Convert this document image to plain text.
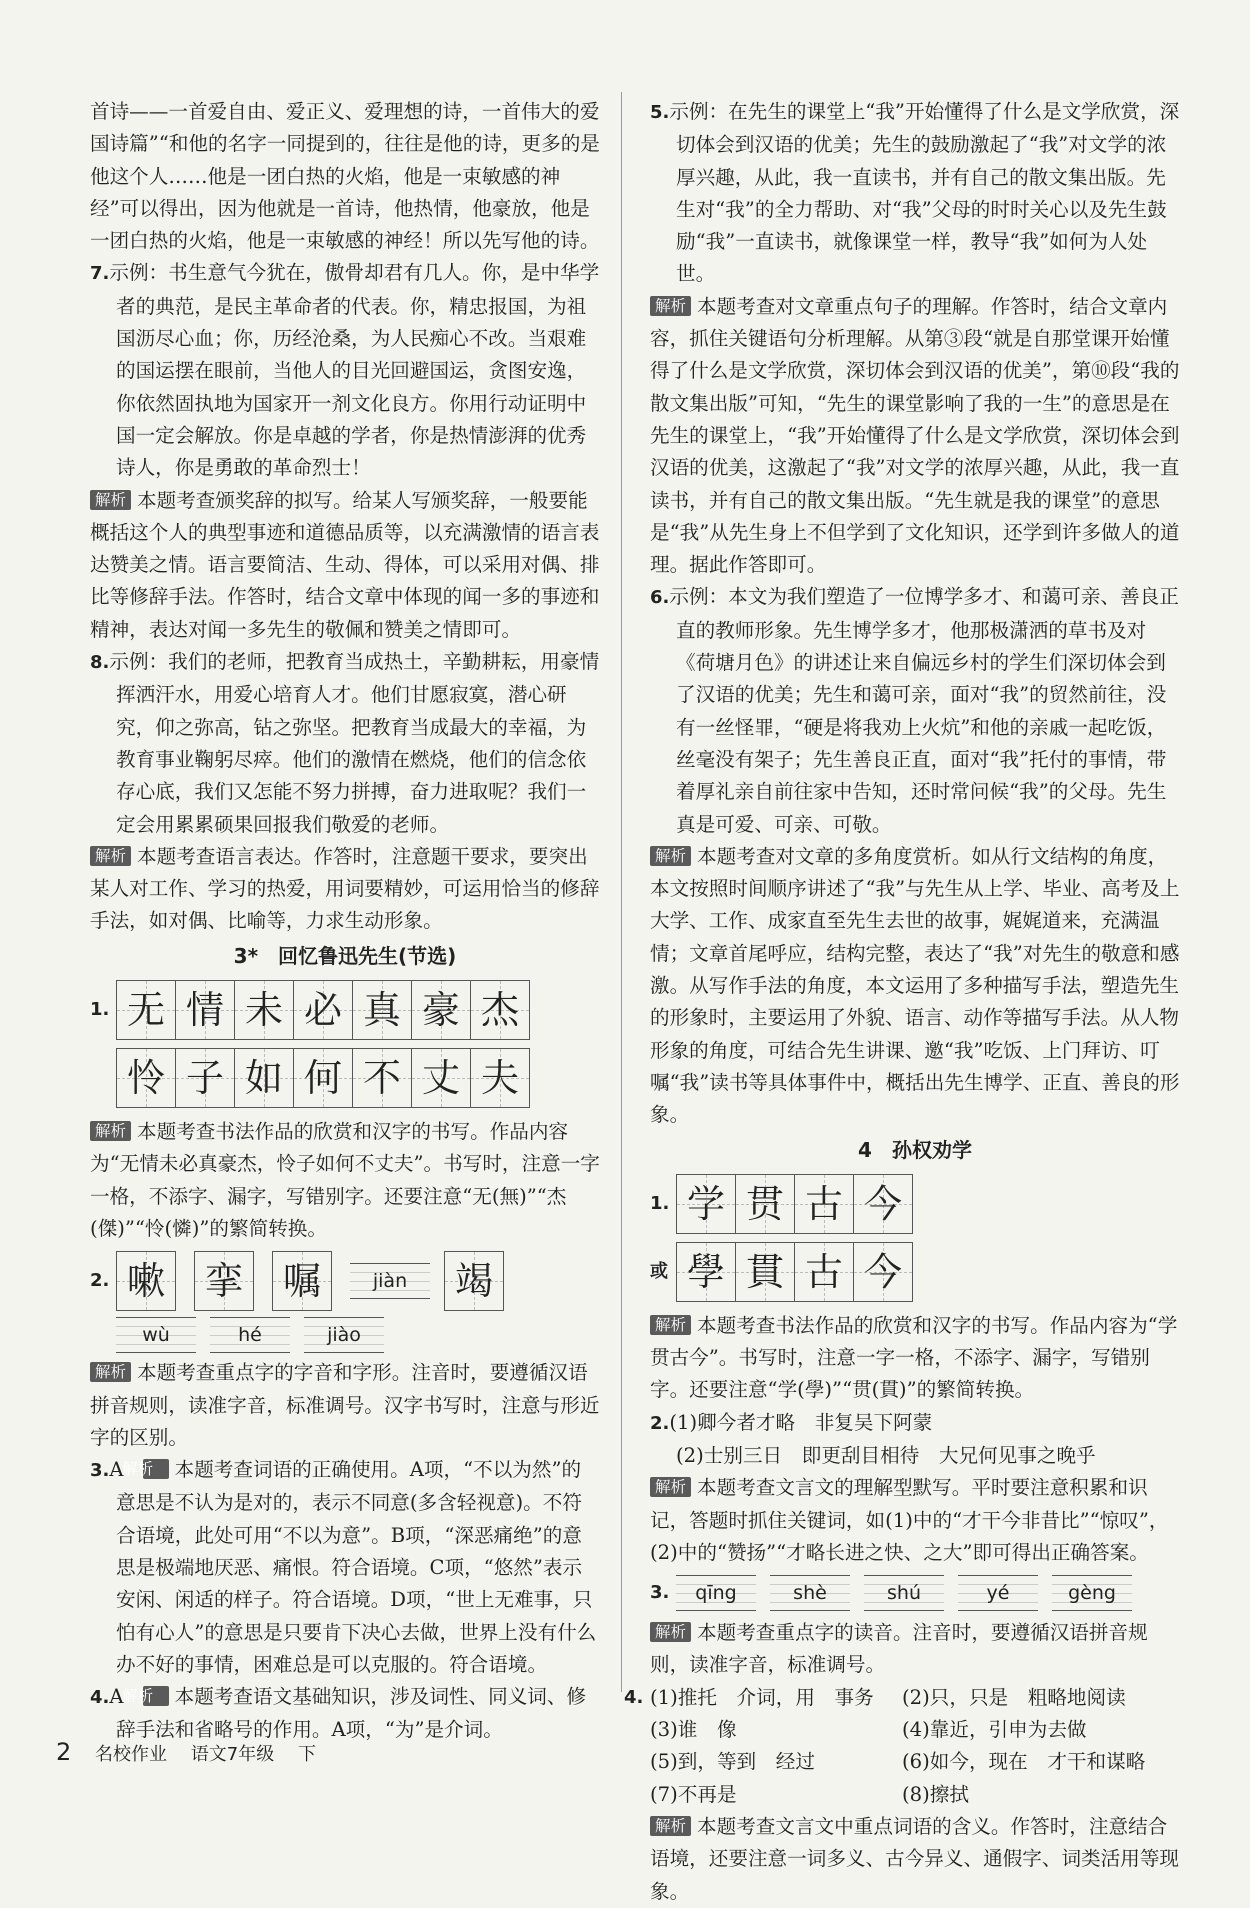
首诗——一首爱自由、爱正义、爱理想的诗，一首伟大的爱国诗篇”“和他的名字一同提到的，往往是他的诗，更多的是他这个人……他是一团白热的火焰，他是一束敏感的神经”可以得出，因为他就是一首诗，他热情，他豪放，他是一团白热的火焰，他是一束敏感的神经！所以先写他的诗。

7.示例：书生意气今犹在，傲骨却君有几人。你，是中华学者的典范，是民主革命者的代表。你，精忠报国，为祖国沥尽心血；你，历经沧桑，为人民痴心不改。当艰难的国运摆在眼前，当他人的目光回避国运，贪图安逸，你依然固执地为国家开一剂文化良方。你用行动证明中国一定会解放。你是卓越的学者，你是热情澎湃的优秀诗人，你是勇敢的革命烈士！

解析 本题考查颁奖辞的拟写。给某人写颁奖辞，一般要能概括这个人的典型事迹和道德品质等，以充满激情的语言表达赞美之情。语言要简洁、生动、得体，可以采用对偶、排比等修辞手法。作答时，结合文章中体现的闻一多的事迹和精神，表达对闻一多先生的敬佩和赞美之情即可。

8.示例：我们的老师，把教育当成热土，辛勤耕耘，用豪情挥洒汗水，用爱心培育人才。他们甘愿寂寞，潜心研究，仰之弥高，钻之弥坚。把教育当成最大的幸福，为教育事业鞠躬尽瘁。他们的激情在燃烧，他们的信念依存心底，我们又怎能不努力拼搏，奋力进取呢？我们一定会用累累硕果回报我们敬爱的老师。

解析 本题考查语言表达。作答时，注意题干要求，要突出某人对工作、学习的热爱，用词要精妙，可运用恰当的修辞手法，如对偶、比喻等，力求生动形象。

3*　回忆鲁迅先生(节选)
1. 无 情 未 必 真 豪 杰
怜 子 如 何 不 丈 夫

解析 本题考查书法作品的欣赏和汉字的书写。作品内容为“无情未必真豪杰，怜子如何不丈夫”。书写时，注意一字一格，不添字、漏字，写错别字。还要注意“无(無)”“杰(傑)”“怜(憐)”的繁简转换。

2. 嗽 挛 嘱	jiàn	竭
wù	hé	jiào

解析 本题考查重点字的字音和字形。注音时，要遵循汉语拼音规则，读准字音，标准调号。汉字书写时，注意与形近字的区别。

3.A　解析 本题考查词语的正确使用。A项，“不以为然”的意思是不认为是对的，表示不同意(多含轻视意)。不符合语境，此处可用“不以为意”。B项，“深恶痛绝”的意思是极端地厌恶、痛恨。符合语境。C项，“悠然”表示安闲、闲适的样子。符合语境。D项，“世上无难事，只怕有心人”的意思是只要肯下决心去做，世界上没有什么办不好的事情，困难总是可以克服的。符合语境。

4.A　解析 本题考查语文基础知识，涉及词性、同义词、修辞手法和省略号的作用。A项，“为”是介词。

5.示例：在先生的课堂上“我”开始懂得了什么是文学欣赏，深切体会到汉语的优美；先生的鼓励激起了“我”对文学的浓厚兴趣，从此，我一直读书，并有自己的散文集出版。先生对“我”的全力帮助、对“我”父母的时时关心以及先生鼓励“我”一直读书，就像课堂一样，教导“我”如何为人处世。

解析 本题考查对文章重点句子的理解。作答时，结合文章内容，抓住关键语句分析理解。从第③段“就是自那堂课开始懂得了什么是文学欣赏，深切体会到汉语的优美”，第⑩段“我的散文集出版”可知，“先生的课堂影响了我的一生”的意思是在先生的课堂上，“我”开始懂得了什么是文学欣赏，深切体会到汉语的优美，这激起了“我”对文学的浓厚兴趣，从此，我一直读书，并有自己的散文集出版。“先生就是我的课堂”的意思是“我”从先生身上不但学到了文化知识，还学到许多做人的道理。据此作答即可。

6.示例：本文为我们塑造了一位博学多才、和蔼可亲、善良正直的教师形象。先生博学多才，他那极潇洒的草书及对《荷塘月色》的讲述让来自偏远乡村的学生们深切体会到了汉语的优美；先生和蔼可亲，面对“我”的贸然前往，没有一丝怪罪，“硬是将我劝上火炕”和他的亲戚一起吃饭，丝毫没有架子；先生善良正直，面对“我”托付的事情，带着厚礼亲自前往家中告知，还时常问候“我”的父母。先生真是可爱、可亲、可敬。

解析 本题考查对文章的多角度赏析。如从行文结构的角度，本文按照时间顺序讲述了“我”与先生从上学、毕业、高考及上大学、工作、成家直至先生去世的故事，娓娓道来，充满温情；文章首尾呼应，结构完整，表达了“我”对先生的敬意和感激。从写作手法的角度，本文运用了多种描写手法，塑造先生的形象时，主要运用了外貌、语言、动作等描写手法。从人物形象的角度，可结合先生讲课、邀“我”吃饭、上门拜访、叮嘱“我”读书等具体事件中，概括出先生博学、正直、善良的形象。

4　孙权劝学
1. 学 贯 古 今
或 學 貫 古 今

解析 本题考查书法作品的欣赏和汉字的书写。作品内容为“学贯古今”。书写时，注意一字一格，不添字、漏字，写错别字。还要注意“学(學)”“贯(貫)”的繁简转换。

2.(1)卿今者才略　非复吴下阿蒙

(2)士别三日　即更刮目相待　大兄何见事之晚乎

解析 本题考查文言文的理解型默写。平时要注意积累和识记，答题时抓住关键词，如(1)中的“才干今非昔比”“惊叹”，(2)中的“赞扬”“才略长进之快、之大”即可得出正确答案。

3.	qīng	shè	shú	yé	gèng

解析 本题考查重点字的读音。注音时，要遵循汉语拼音规则，读准字音，标准调号。

4. (1)推托　介词，用　事务	(2)只，只是　粗略地阅读
(3)谁　像	(4)靠近，引申为去做
(5)到，等到　经过	(6)如今，现在　才干和谋略
(7)不再是	(8)擦拭

解析 本题考查文言文中重点词语的含义。作答时，注意结合语境，还要注意一词多义、古今异义、通假字、词类活用等现象。

2 名校作业 语文7年级 下
